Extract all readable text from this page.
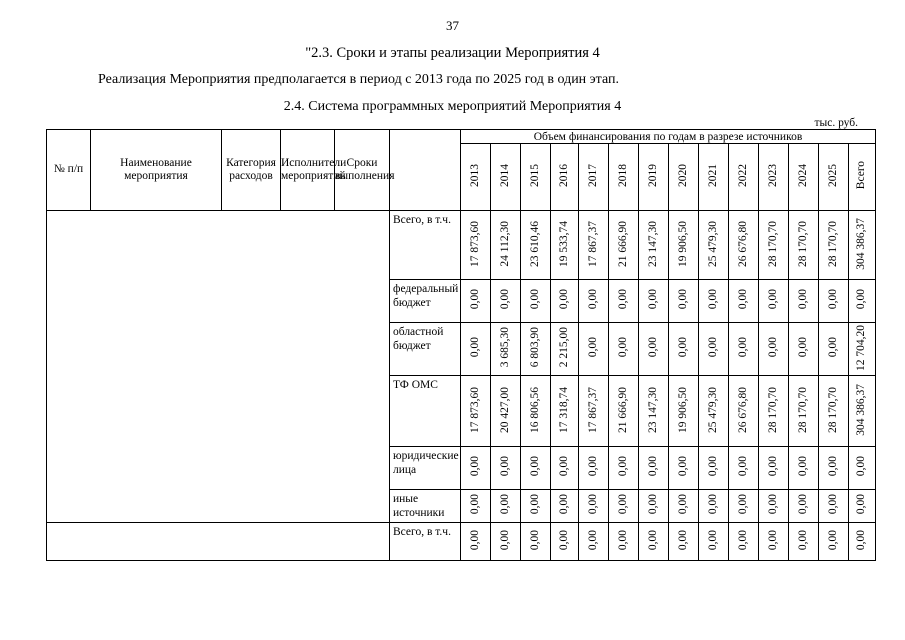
37
"2.3. Сроки и этапы реализации Мероприятия 4
Реализация Мероприятия предполагается в период с 2013 года по 2025 год в один этап.
2.4. Система программных мероприятий Мероприятия 4
тыс. руб.
№ п/п	Наименование мероприятия	Категория расходов	Исполнители мероприятий	Сроки выполнения		Объем финансирования по годам в разрезе источников													
						2013	2014	2015	2016	2017	2018	2019	2020	2021	2022	2023	2024	2025	Всего
					Всего, в т.ч.	17 873,60	24 112,30	23 610,46	19 533,74	17 867,37	21 666,90	23 147,30	19 906,50	25 479,30	26 676,80	28 170,70	28 170,70	28 170,70	304 386,37
					федеральный бюджет	0,00	0,00	0,00	0,00	0,00	0,00	0,00	0,00	0,00	0,00	0,00	0,00	0,00	0,00
					областной бюджет	0,00	3 685,30	6 803,90	2 215,00	0,00	0,00	0,00	0,00	0,00	0,00	0,00	0,00	0,00	12 704,20
					ТФ ОМС	17 873,60	20 427,00	16 806,56	17 318,74	17 867,37	21 666,90	23 147,30	19 906,50	25 479,30	26 676,80	28 170,70	28 170,70	28 170,70	304 386,37
					юридические лица	0,00	0,00	0,00	0,00	0,00	0,00	0,00	0,00	0,00	0,00	0,00	0,00	0,00	0,00
					иные источники	0,00	0,00	0,00	0,00	0,00	0,00	0,00	0,00	0,00	0,00	0,00	0,00	0,00	0,00
					Всего, в т.ч.	0,00	0,00	0,00	0,00	0,00	0,00	0,00	0,00	0,00	0,00	0,00	0,00	0,00	0,00
